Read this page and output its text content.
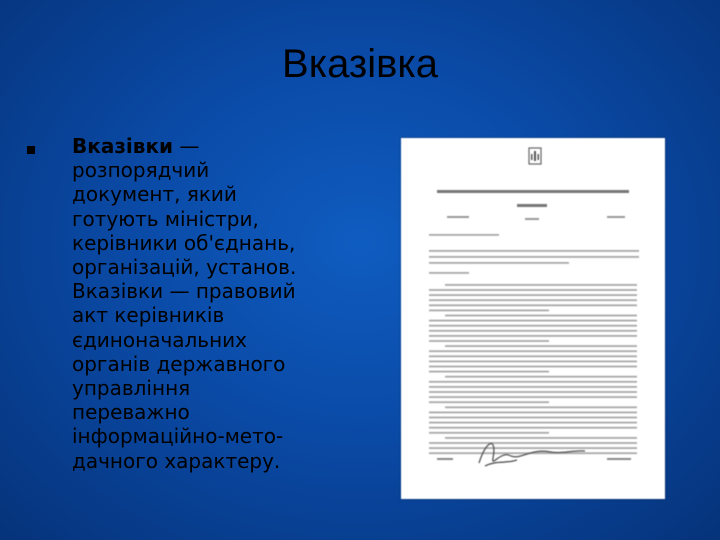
Вказівка
Вказівки —
розпорядчий
документ, який
готують міністри,
керівники об'єднань,
організацій, установ.
Вказівки — правовий
акт керівників
єдиноначальних
органів державного
управління
переважно
інформаційно-мето-
дачного характеру.
